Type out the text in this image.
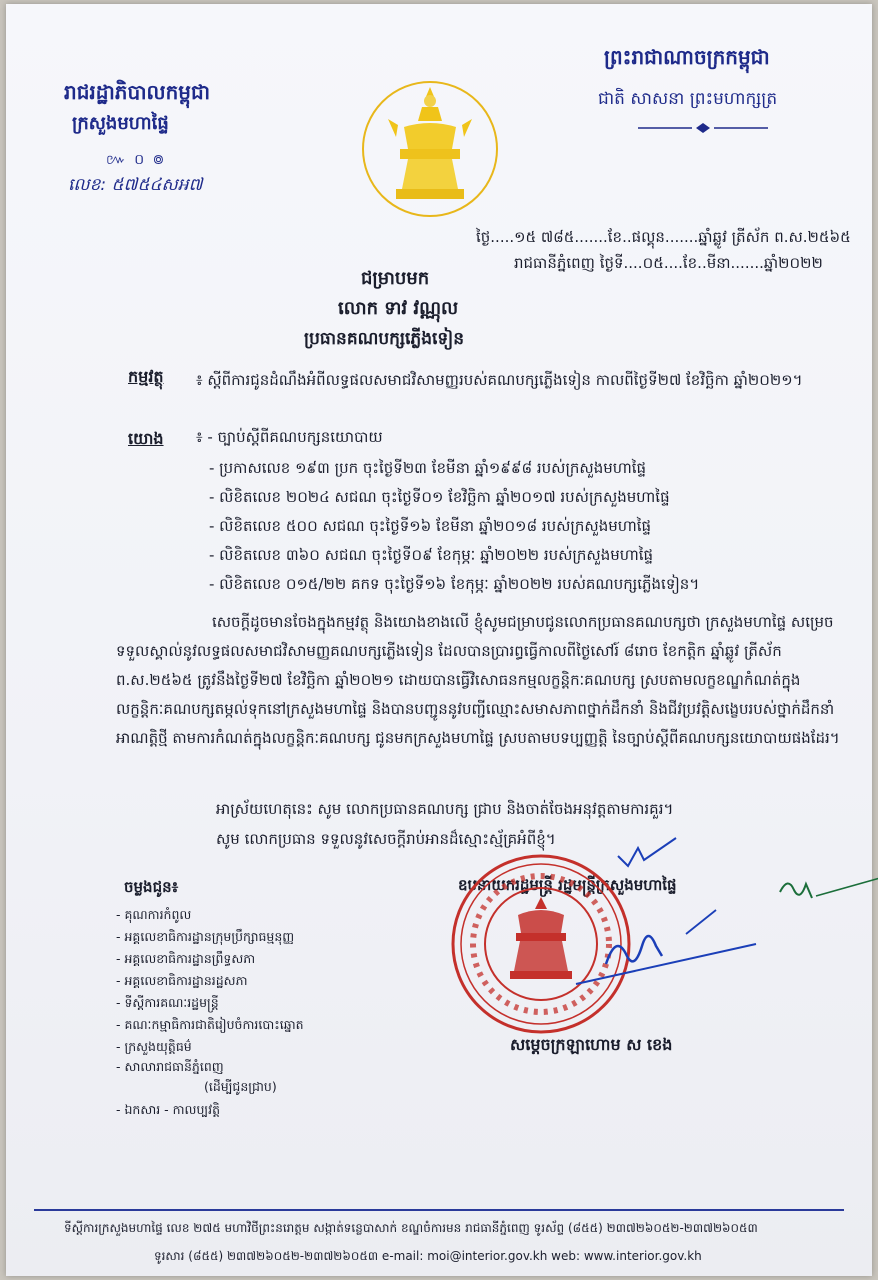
រាជរដ្ឋាភិបាលកម្ពុជា
ក្រសួងមហាផ្ទៃ
៚ ០ ៙
លេខ: ៥៧៥៤សអ៧
ព្រះរាជាណាចក្រកម្ពុជា
ជាតិ សាសនា ព្រះមហាក្សត្រ
ថ្ងៃ.....១៥ ៧៨៥.......ខែ..ផល្គុន.......ឆ្នាំឆ្លូវ ត្រីស័ក ព.ស.២៥៦៥
រាជធានីភ្នំពេញ ថ្ងៃទី....០៥....ខែ..មីនា.......ឆ្នាំ២០២២
ជម្រាបមក
លោក ទាវ វណ្ណុល
ប្រធានគណបក្សភ្លើងទៀន
កម្មវត្ថុ ៖ ស្តីពីការជូនដំណឹងអំពីលទ្ធផលសមាជវិសាមញ្ញរបស់គណបក្សភ្លើងទៀន កាលពីថ្ងៃទី២៧ ខែវិច្ឆិកា ឆ្នាំ២០២១។
យោង ៖ - ច្បាប់ស្តីពីគណបក្សនយោបាយ
- ប្រកាសលេខ ១៩៣ ប្រក ចុះថ្ងៃទី២៣ ខែមីនា ឆ្នាំ១៩៩៨ របស់ក្រសួងមហាផ្ទៃ
- លិខិតលេខ ២០២៤ សជណ ចុះថ្ងៃទី០១ ខែវិច្ឆិកា ឆ្នាំ២០១៧ របស់ក្រសួងមហាផ្ទៃ
- លិខិតលេខ ៥០០ សជណ ចុះថ្ងៃទី១៦ ខែមីនា ឆ្នាំ២០១៨ របស់ក្រសួងមហាផ្ទៃ
- លិខិតលេខ ៣៦០ សជណ ចុះថ្ងៃទី០៩ ខែកុម្ភៈ ឆ្នាំ២០២២ របស់ក្រសួងមហាផ្ទៃ
- លិខិតលេខ ០១៥/២២ គកទ ចុះថ្ងៃទី១៦ ខែកុម្ភៈ ឆ្នាំ២០២២ របស់គណបក្សភ្លើងទៀន។
សេចក្តីដូចមានចែងក្នុងកម្មវត្ថុ និងយោងខាងលើ ខ្ញុំសូមជម្រាបជូនលោកប្រធានគណបក្សថា ក្រសួងមហាផ្ទៃ សម្រេចទទួលស្គាល់នូវលទ្ធផលសមាជវិសាមញ្ញគណបក្សភ្លើងទៀន ដែលបានប្រារព្ធធ្វើកាលពីថ្ងៃសៅរ៍ ៨រោច ខែកត្តិក ឆ្នាំឆ្លូវ ត្រីស័ក ព.ស.២៥៦៥ ត្រូវនឹងថ្ងៃទី២៧ ខែវិច្ឆិកា ឆ្នាំ២០២១ ដោយបានធ្វើវិសោធនកម្មលក្ខន្តិកៈគណបក្ស ស្របតាមលក្ខខណ្ឌកំណត់ក្នុងលក្ខន្តិកៈគណបក្សតម្កល់ទុកនៅក្រសួងមហាផ្ទៃ និងបានបញ្ជូននូវបញ្ជីឈ្មោះសមាសភាពថ្នាក់ដឹកនាំ និងជីវប្រវត្តិសង្ខេបរបស់ថ្នាក់ដឹកនាំអាណត្តិថ្មី តាមការកំណត់ក្នុងលក្ខន្តិកៈគណបក្ស ជូនមកក្រសួងមហាផ្ទៃ ស្របតាមបទប្បញ្ញត្តិ នៃច្បាប់ស្តីពីគណបក្សនយោបាយផងដែរ។
អាស្រ័យហេតុនេះ សូម លោកប្រធានគណបក្ស ជ្រាប និងចាត់ចែងអនុវត្តតាមការគួរ។
សូម លោកប្រធាន ទទួលនូវសេចក្តីរាប់អានដ៏ស្មោះស្ម័គ្រអំពីខ្ញុំ។
ចម្លងជូន៖
- គុណការកំពូល
- អគ្គលេខាធិការដ្ឋានក្រុមប្រឹក្សាធម្មនុញ្ញ
- អគ្គលេខាធិការដ្ឋានព្រឹទ្ធសភា
- អគ្គលេខាធិការដ្ឋានរដ្ឋសភា
- ទីស្តីការគណៈរដ្ឋមន្ត្រី
- គណៈកម្មាធិការជាតិរៀបចំការបោះឆ្នោត
- ក្រសួងយុត្តិធម៌
- សាលារាជធានីភ្នំពេញ
(ដើម្បីជូនជ្រាប)
- ឯកសារ - កាលប្បវត្តិ
ឧបនាយករដ្ឋមន្ត្រី រដ្ឋមន្ត្រីក្រសួងមហាផ្ទៃ
សម្តេចក្រឡាហោម ស ខេង
ទីស្តីការក្រសួងមហាផ្ទៃ លេខ ២៧៥ មហាវិថីព្រះនរោត្តម សង្កាត់ទន្លេបាសាក់ ខណ្ឌចំការមន រាជធានីភ្នំពេញ ទូរស័ព្ទ (៨៥៥) ២៣៧២៦០៥២-២៣៧២៦០៥៣
ទូរសារ (៨៥៥) ២៣៧២៦០៥២-២៣៧២៦០៥៣ e-mail: moi@interior.gov.kh web: www.interior.gov.kh
